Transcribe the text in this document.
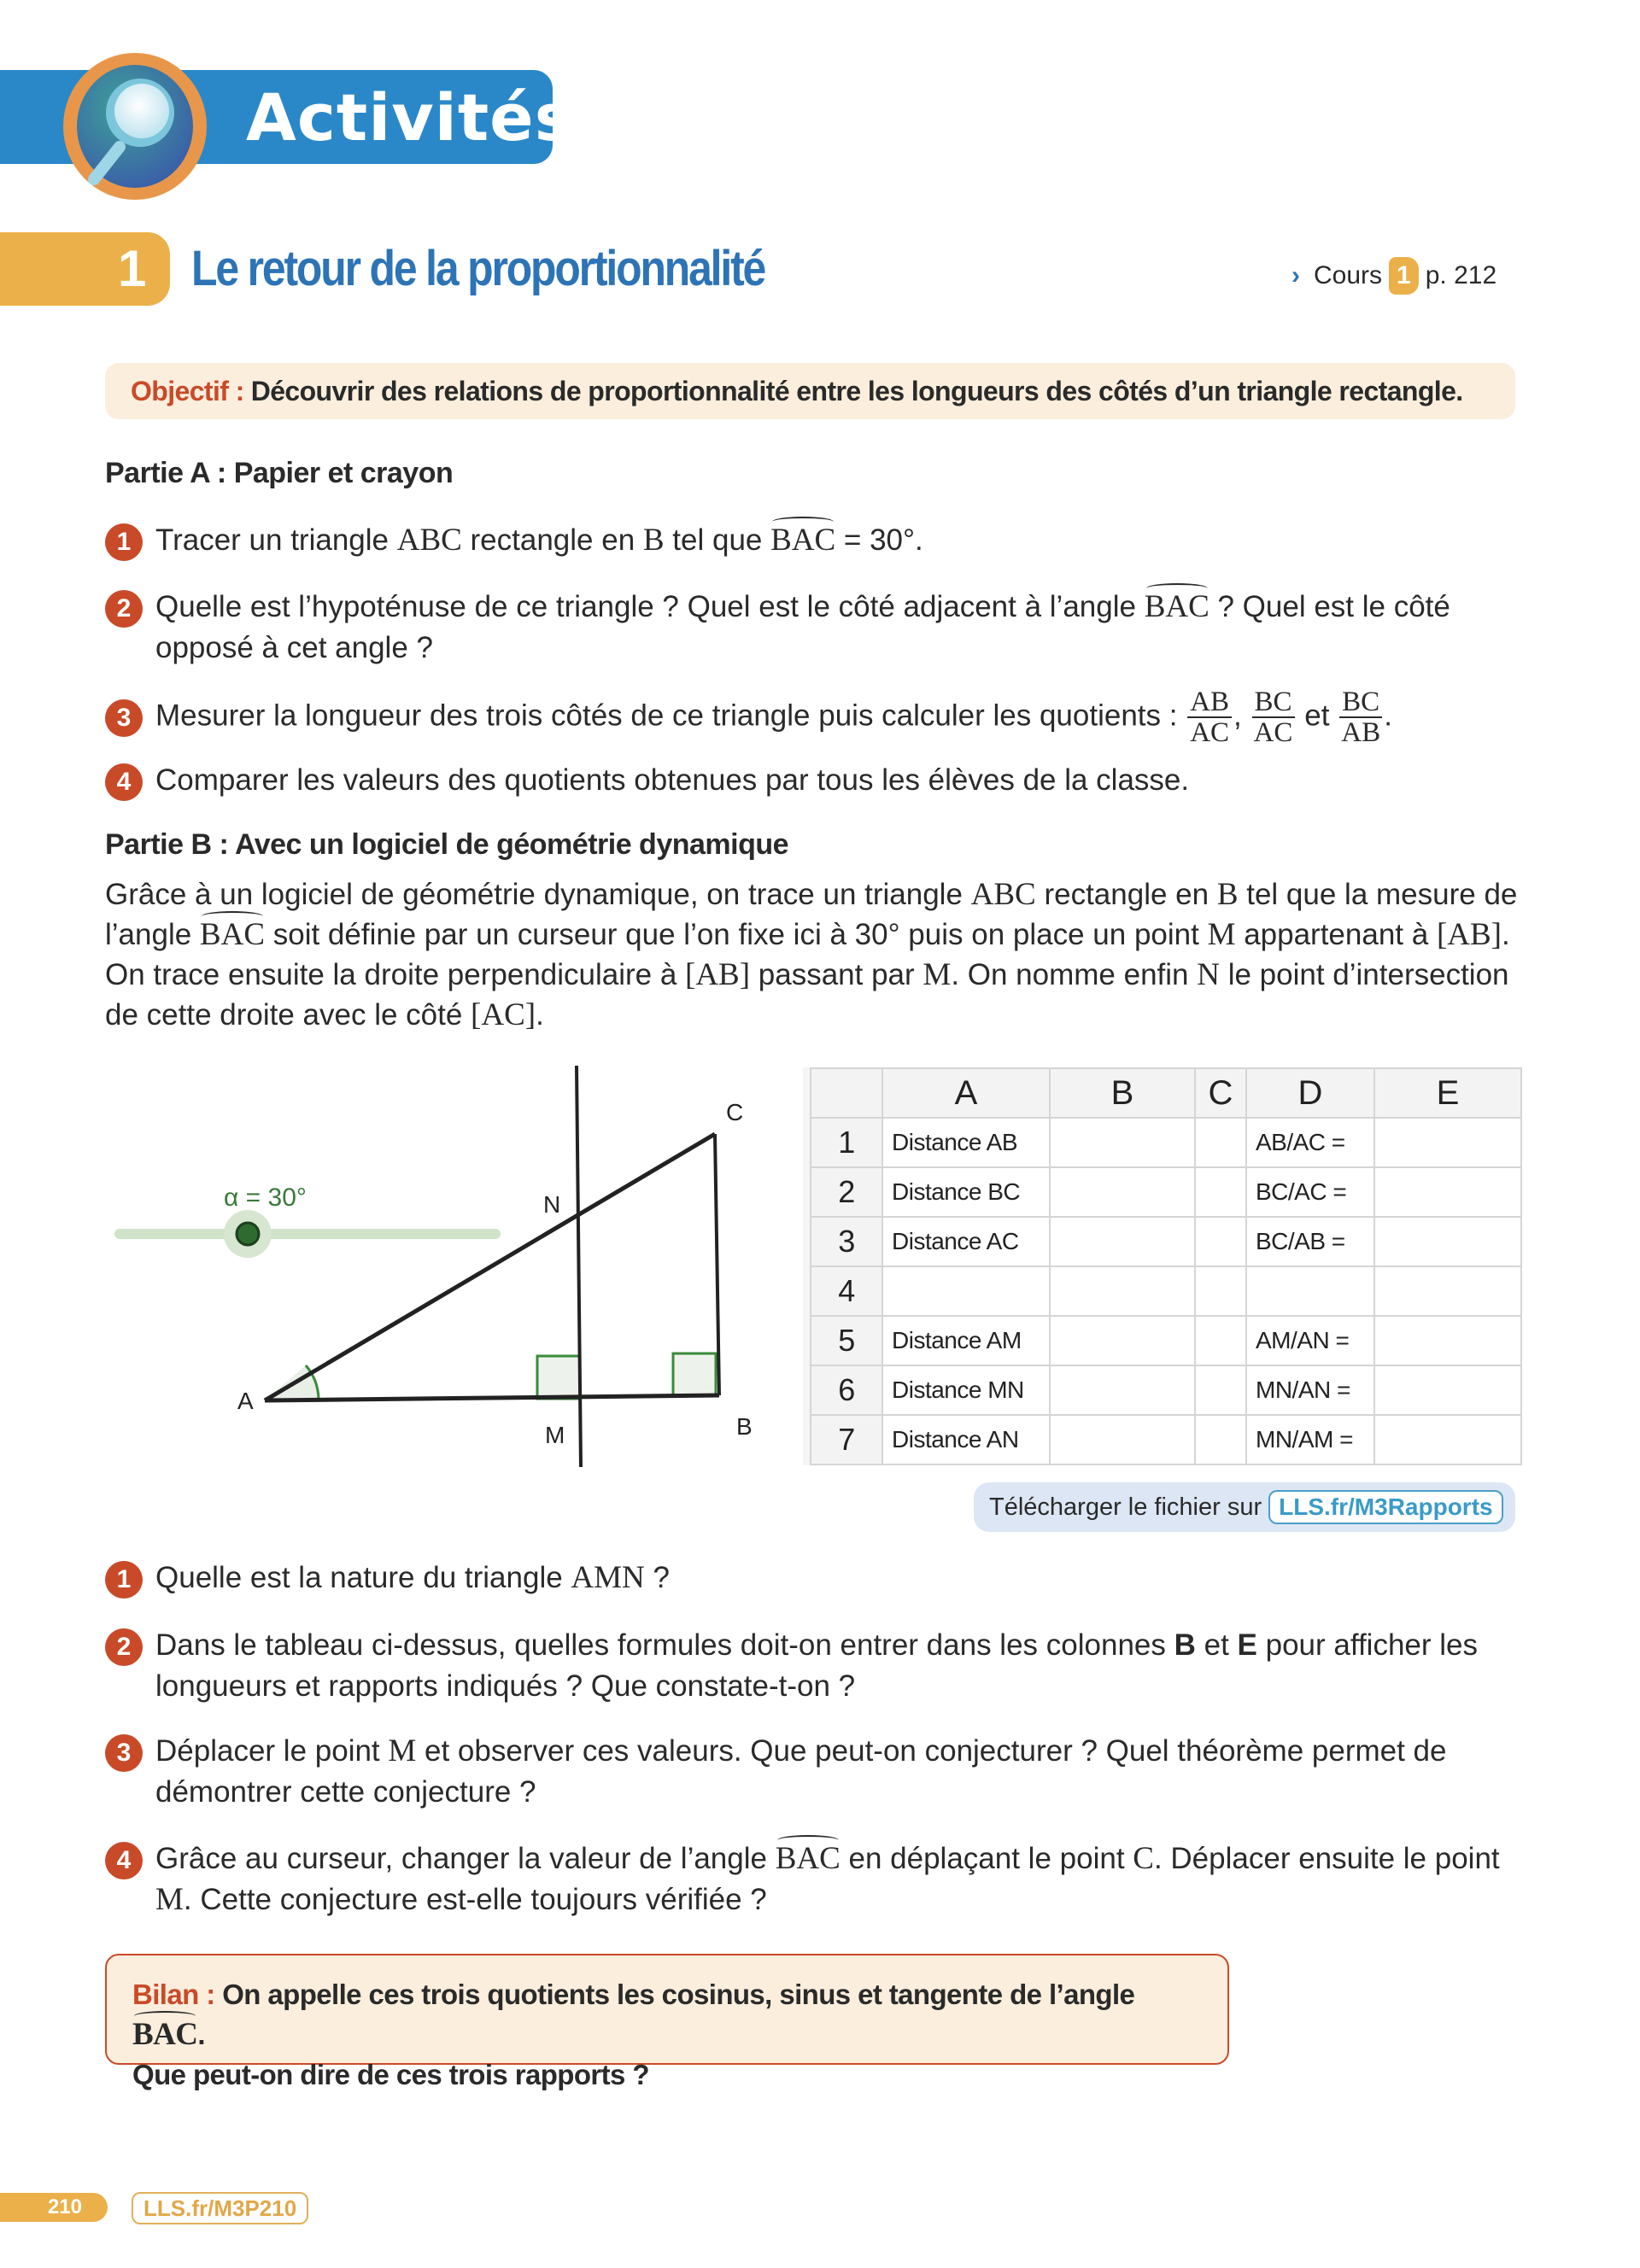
Activités
1 Le retour de la proportionnalité	› Cours 1 p. 212
Objectif : Découvrir des relations de proportionnalité entre les longueurs des côtés d’un triangle rectangle.
Partie A : Papier et crayon
1 Tracer un triangle ABC rectangle en B tel que BAC = 30°.
2 Quelle est l’hypoténuse de ce triangle ? Quel est le côté adjacent à l’angle BAC ? Quel est le côté opposé à cet angle ?
3 Mesurer la longueur des trois côtés de ce triangle puis calculer les quotients : $\frac{AB}{AC}$ , $\frac{BC}{AC}$ et $\frac{BC}{AB}$ .
4 Comparer les valeurs des quotients obtenues par tous les élèves de la classe.
Partie B : Avec un logiciel de géométrie dynamique
Grâce à un logiciel de géométrie dynamique, on trace un triangle ABC rectangle en B tel que la mesure de l’angle BAC soit définie par un curseur que l’on fixe ici à 30° puis on place un point M appartenant à [AB]. On trace ensuite la droite perpendiculaire à [AB] passant par M. On nomme enfin N le point d’intersection de cette droite avec le côté [AC].
α = 30°
A
B
C
M
N
	A	B	C	D	E
1	Distance AB			AB/AC =	
2	Distance BC			BC/AC =	
3	Distance AC			BC/AB =	
4					
5	Distance AM			AM/AN =	
6	Distance MN			MN/AN =	
7	Distance AN			MN/AM =	
Télécharger le fichier sur LLS.fr/M3Rapports
1 Quelle est la nature du triangle AMN ?
2 Dans le tableau ci-dessus, quelles formules doit-on entrer dans les colonnes B et E pour afficher les longueurs et rapports indiqués ? Que constate-t-on ?
3 Déplacer le point M et observer ces valeurs. Que peut-on conjecturer ? Quel théorème permet de démontrer cette conjecture ?
4 Grâce au curseur, changer la valeur de l’angle BAC en déplaçant le point C. Déplacer ensuite le point M. Cette conjecture est-elle toujours vérifiée ?
Bilan : On appelle ces trois quotients les cosinus, sinus et tangente de l’angle BAC.
Que peut-on dire de ces trois rapports ?
210	LLS.fr/M3P210
